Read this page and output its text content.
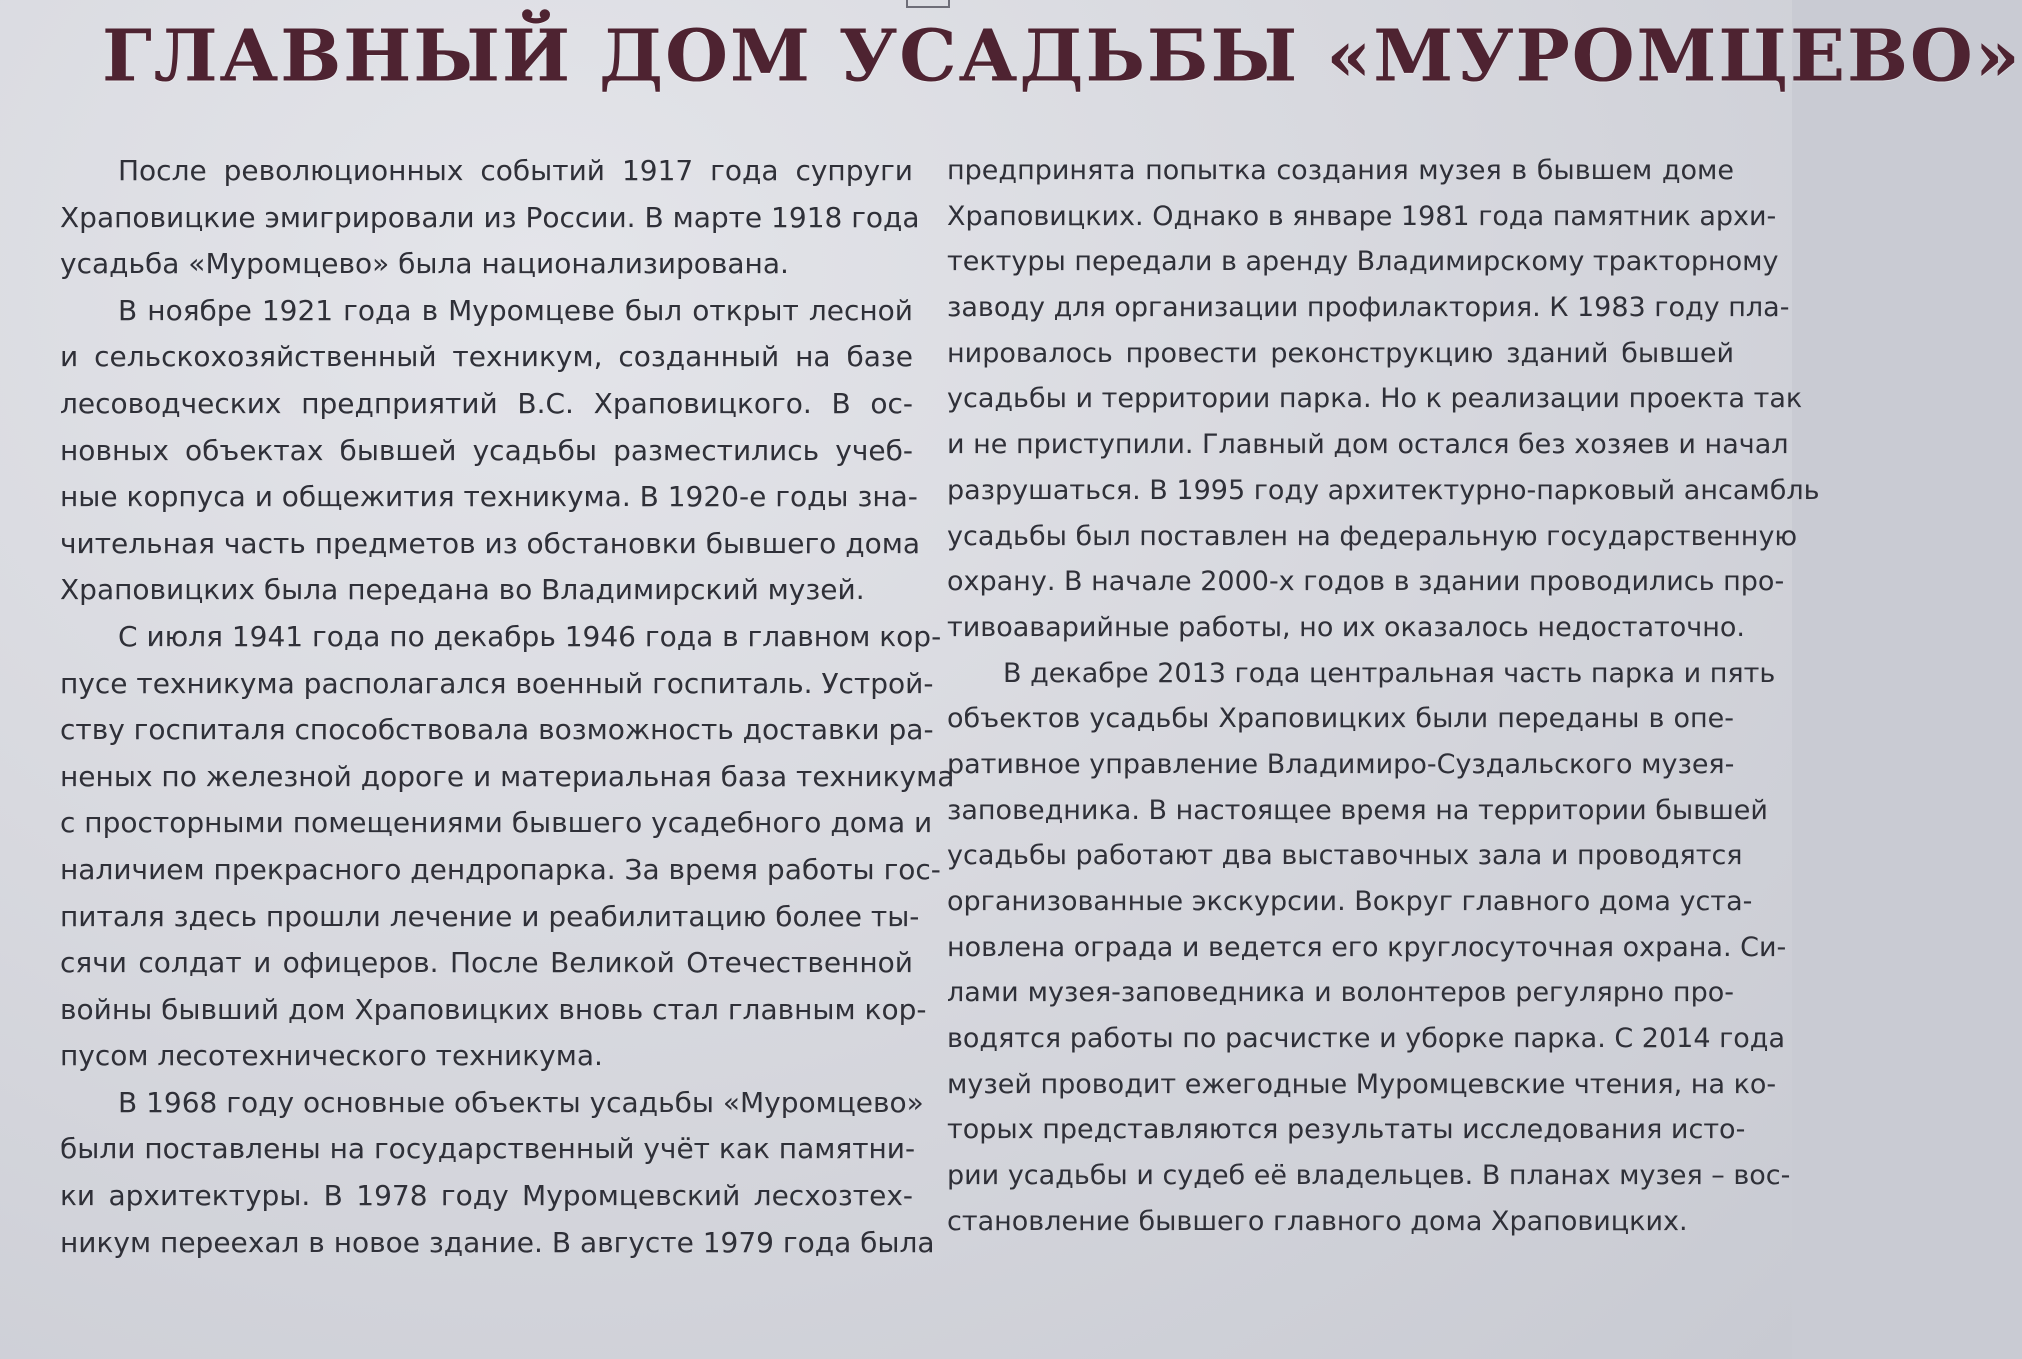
ГЛАВНЫЙ ДОМ УСАДЬБЫ «МУРОМЦЕВО»
После революционных событий 1917 года супруги
Храповицкие эмигрировали из России. В марте 1918 года
усадьба «Муромцево» была национализирована.
В ноябре 1921 года в Муромцеве был открыт лесной
и сельскохозяйственный техникум, созданный на базе
лесоводческих предприятий В.С. Храповицкого. В ос-
новных объектах бывшей усадьбы разместились учеб-
ные корпуса и общежития техникума. В 1920-е годы зна-
чительная часть предметов из обстановки бывшего дома
Храповицких была передана во Владимирский музей.
С июля 1941 года по декабрь 1946 года в главном кор-
пусе техникума располагался военный госпиталь. Устрой-
ству госпиталя способствовала возможность доставки ра-
неных по железной дороге и материальная база техникума
с просторными помещениями бывшего усадебного дома и
наличием прекрасного дендропарка. За время работы гос-
питаля здесь прошли лечение и реабилитацию более ты-
сячи солдат и офицеров. После Великой Отечественной
войны бывший дом Храповицких вновь стал главным кор-
пусом лесотехнического техникума.
В 1968 году основные объекты усадьбы «Муромцево»
были поставлены на государственный учёт как памятни-
ки архитектуры. В 1978 году Муромцевский лесхозтех-
никум переехал в новое здание. В августе 1979 года была
предпринята попытка создания музея в бывшем доме
Храповицких. Однако в январе 1981 года памятник архи-
тектуры передали в аренду Владимирскому тракторному
заводу для организации профилактория. К 1983 году пла-
нировалось провести реконструкцию зданий бывшей
усадьбы и территории парка. Но к реализации проекта так
и не приступили. Главный дом остался без хозяев и начал
разрушаться. В 1995 году архитектурно-парковый ансамбль
усадьбы был поставлен на федеральную государственную
охрану. В начале 2000-х годов в здании проводились про-
тивоаварийные работы, но их оказалось недостаточно.
В декабре 2013 года центральная часть парка и пять
объектов усадьбы Храповицких были переданы в опе-
ративное управление Владимиро-Суздальского музея-
заповедника. В настоящее время на территории бывшей
усадьбы работают два выставочных зала и проводятся
организованные экскурсии. Вокруг главного дома уста-
новлена ограда и ведется его круглосуточная охрана. Си-
лами музея-заповедника и волонтеров регулярно про-
водятся работы по расчистке и уборке парка. С 2014 года
музей проводит ежегодные Муромцевские чтения, на ко-
торых представляются результаты исследования исто-
рии усадьбы и судеб её владельцев. В планах музея – вос-
становление бывшего главного дома Храповицких.
